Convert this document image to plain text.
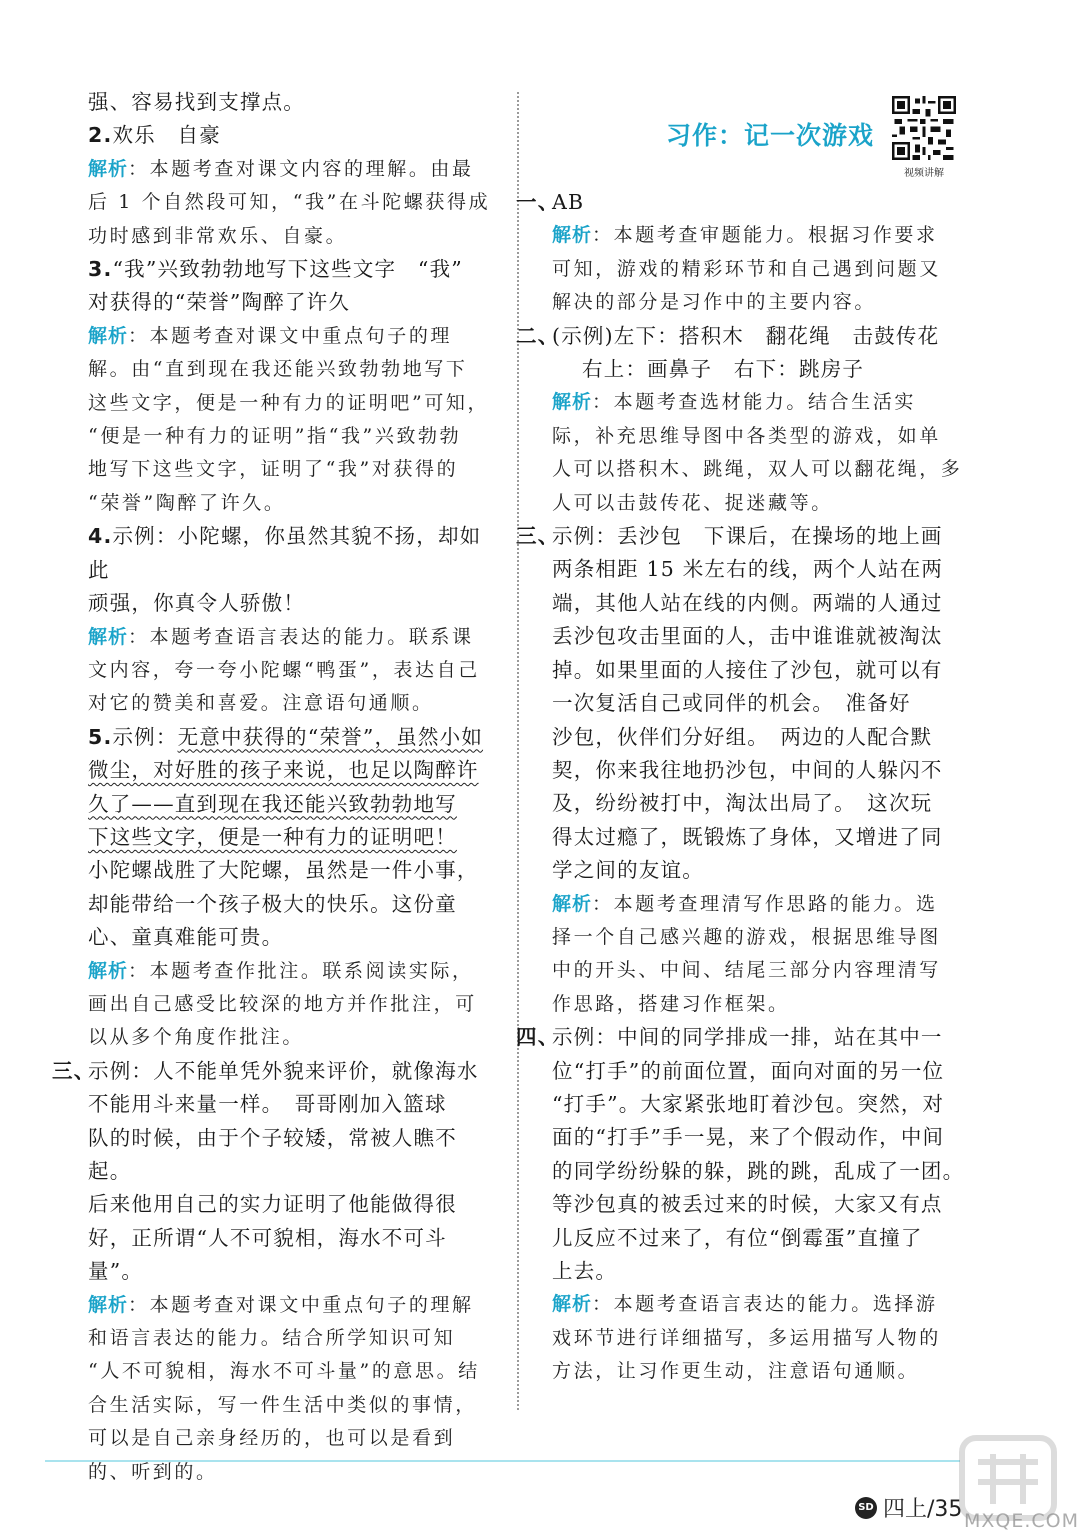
强、容易找到支撑点。

2.欢乐　自豪

解析：本题考查对课文内容的理解。由最

后 1 个自然段可知，“我”在斗陀螺获得成

功时感到非常欢乐、自豪。

3.“我”兴致勃勃地写下这些文字　“我”

对获得的“荣誉”陶醉了许久

解析：本题考查对课文中重点句子的理

解。由“直到现在我还能兴致勃勃地写下

这些文字，便是一种有力的证明吧”可知，

“便是一种有力的证明”指“我”兴致勃勃

地写下这些文字，证明了“我”对获得的

“荣誉”陶醉了许久。

4.示例：小陀螺，你虽然其貌不扬，却如此

顽强，你真令人骄傲！

解析：本题考查语言表达的能力。联系课

文内容，夸一夸小陀螺“鸭蛋”，表达自己

对它的赞美和喜爱。注意语句通顺。

5.示例：无意中获得的“荣誉”，虽然小如

微尘，对好胜的孩子来说，也足以陶醉许

久了——直到现在我还能兴致勃勃地写

下这些文字，便是一种有力的证明吧！

小陀螺战胜了大陀螺，虽然是一件小事，

却能带给一个孩子极大的快乐。这份童

心、童真难能可贵。

解析：本题考查作批注。联系阅读实际，

画出自己感受比较深的地方并作批注，可

以从多个角度作批注。

三、
示例：人不能单凭外貌来评价，就像海水

不能用斗来量一样。　哥哥刚加入篮球

队的时候，由于个子较矮，常被人瞧不起。

后来他用自己的实力证明了他能做得很

好，正所谓“人不可貌相，海水不可斗量”。

解析：本题考查对课文中重点句子的理解

和语言表达的能力。结合所学知识可知

“人不可貌相，海水不可斗量”的意思。结

合生活实际，写一件生活中类似的事情，

可以是自己亲身经历的，也可以是看到

的、听到的。

习作：记一次游戏
视频讲解

一、
AB

解析：本题考查审题能力。根据习作要求

可知，游戏的精彩环节和自己遇到问题又

解决的部分是习作中的主要内容。

二、
(示例)左下：搭积木　翻花绳　击鼓传花

右上：画鼻子　右下：跳房子

解析：本题考查选材能力。结合生活实

际，补充思维导图中各类型的游戏，如单

人可以搭积木、跳绳，双人可以翻花绳，多

人可以击鼓传花、捉迷藏等。

三、
示例：丢沙包　下课后，在操场的地上画

两条相距 15 米左右的线，两个人站在两

端，其他人站在线的内侧。两端的人通过

丢沙包攻击里面的人，击中谁谁就被淘汰

掉。如果里面的人接住了沙包，就可以有

一次复活自己或同伴的机会。　准备好

沙包，伙伴们分好组。　两边的人配合默

契，你来我往地扔沙包，中间的人躲闪不

及，纷纷被打中，淘汰出局了。　这次玩

得太过瘾了，既锻炼了身体，又增进了同

学之间的友谊。

解析：本题考查理清写作思路的能力。选

择一个自己感兴趣的游戏，根据思维导图

中的开头、中间、结尾三部分内容理清写

作思路，搭建习作框架。

四、
示例：中间的同学排成一排，站在其中一

位“打手”的前面位置，面向对面的另一位

“打手”。大家紧张地盯着沙包。突然，对

面的“打手”手一晃，来了个假动作，中间

的同学纷纷躲的躲，跳的跳，乱成了一团。

等沙包真的被丢过来的时候，大家又有点

儿反应不过来了，有位“倒霉蛋”直撞了

上去。

解析：本题考查语言表达的能力。选择游

戏环节进行详细描写，多运用描写人物的

方法，让习作更生动，注意语句通顺。

SD 四上/35 MXQE.COM
